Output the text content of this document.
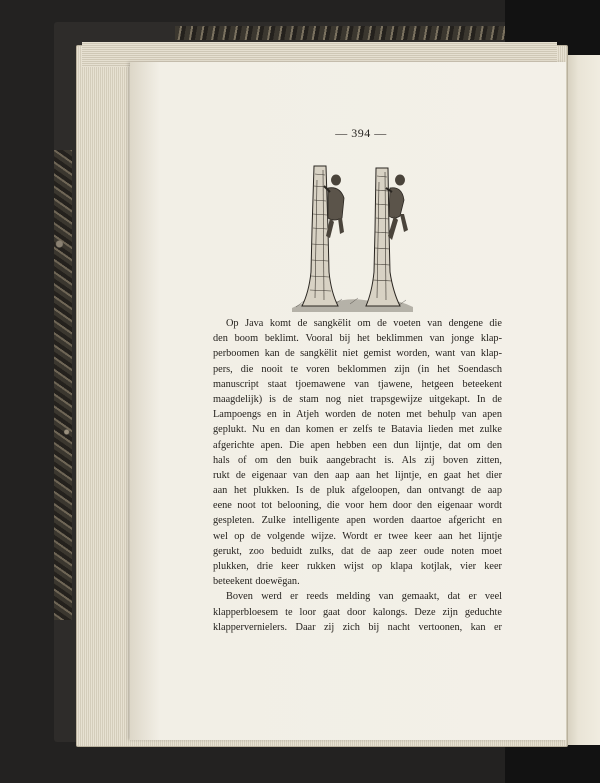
— 394 —
Op Java komt de sangkëlit om de voeten van dengene die
den boom beklimt. Vooral bij het beklimmen van jonge klap-
perboomen kan de sangkëlit niet gemist worden, want van klap-
pers, die nooit te voren beklommen zijn (in het Soendasch
manuscript staat tjoemawene van tjawene, hetgeen beteekent
maagdelijk) is de stam nog niet trapsgewijze uitgekapt. In de
Lampoengs en in Atjeh worden de noten met behulp van apen
geplukt. Nu en dan komen er zelfs te Batavia lieden met zulke
afgerichte apen. Die apen hebben een dun lijntje, dat om den
hals of om den buik aangebracht is. Als zij boven zitten,
rukt de eigenaar van den aap aan het lijntje, en gaat het dier
aan het plukken. Is de pluk afgeloopen, dan ontvangt de aap
eene noot tot belooning, die voor hem door den eigenaar wordt
gespleten. Zulke intelligente apen worden daartoe afgericht en
wel op de volgende wijze. Wordt er twee keer aan het lijntje
gerukt, zoo beduidt zulks, dat de aap zeer oude noten moet
plukken, drie keer rukken wijst op klapa kotjlak, vier keer
beteekent doewëgan.
Boven werd er reeds melding van gemaakt, dat er veel
klapperbloesem te loor gaat door kalongs. Deze zijn geduchte
klappervernielers. Daar zij zich bij nacht vertoonen, kan er
